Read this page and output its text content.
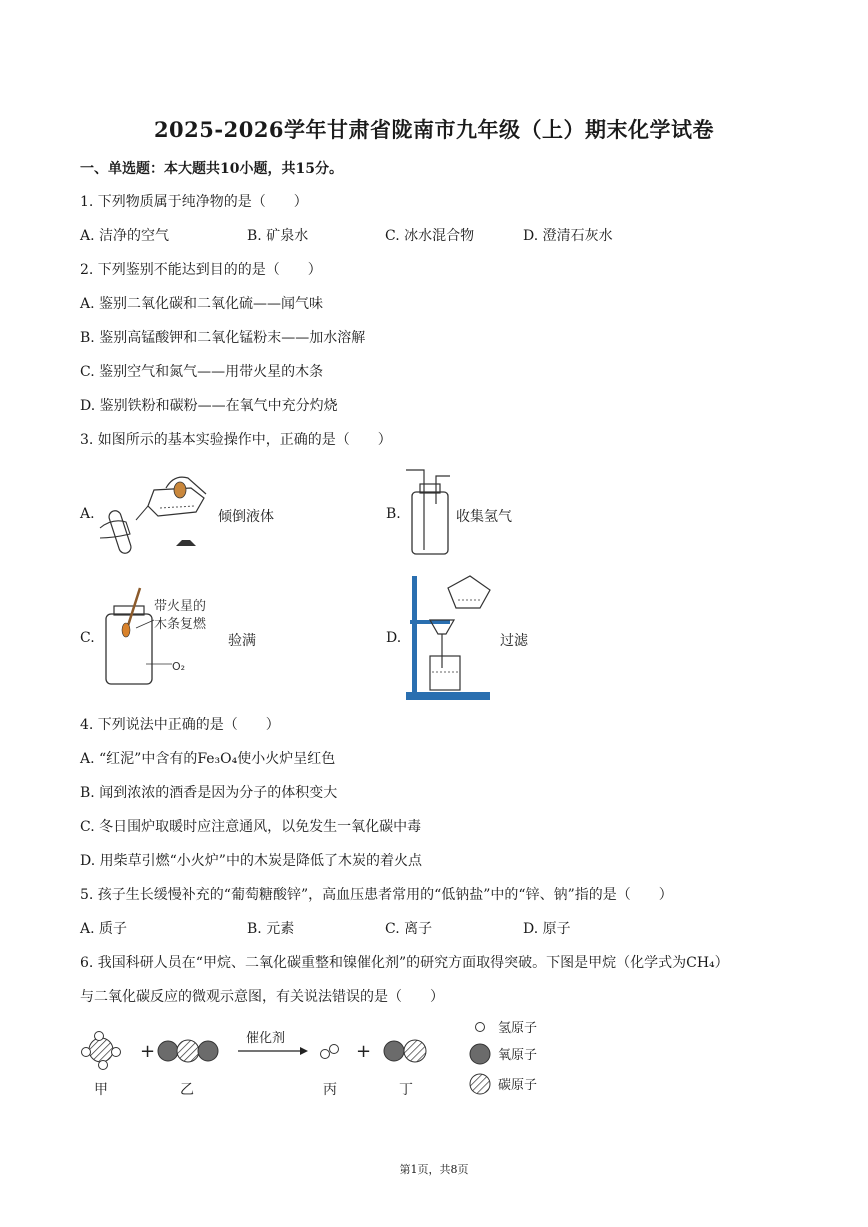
2025-2026学年甘肃省陇南市九年级（上）期末化学试卷
一、单选题：本大题共10小题，共15分。
1. 下列物质属于纯净物的是（　　）
A. 洁净的空气	B. 矿泉水	C. 冰水混合物	D. 澄清石灰水
2. 下列鉴别不能达到目的的是（　　）
A. 鉴别二氧化碳和二氧化硫——闻气味
B. 鉴别高锰酸钾和二氧化锰粉末——加水溶解
C. 鉴别空气和氮气——用带火星的木条
D. 鉴别铁粉和碳粉——在氧气中充分灼烧
3. 如图所示的基本实验操作中，正确的是（　　）
A.	倾倒液体	B.	收集氢气
C.
带火星的
木条复燃
O₂
验满	D.	过滤
4. 下列说法中正确的是（　　）
A. “红泥”中含有的Fe₃O₄使小火炉呈红色
B. 闻到浓浓的酒香是因为分子的体积变大
C. 冬日围炉取暖时应注意通风，以免发生一氧化碳中毒
D. 用柴草引燃“小火炉”中的木炭是降低了木炭的着火点
5. 孩子生长缓慢补充的“葡萄糖酸锌”，高血压患者常用的“低钠盐”中的“锌、钠”指的是（　　）
A. 质子	B. 元素	C. 离子	D. 原子
6. 我国科研人员在“甲烷、二氧化碳重整和镍催化剂”的研究方面取得突破。下图是甲烷（化学式为CH₄）
与二氧化碳反应的微观示意图，有关说法错误的是（　　）
+
催化剂
+
甲	乙	丙	丁
氢原子
氧原子
碳原子
第1页，共8页
